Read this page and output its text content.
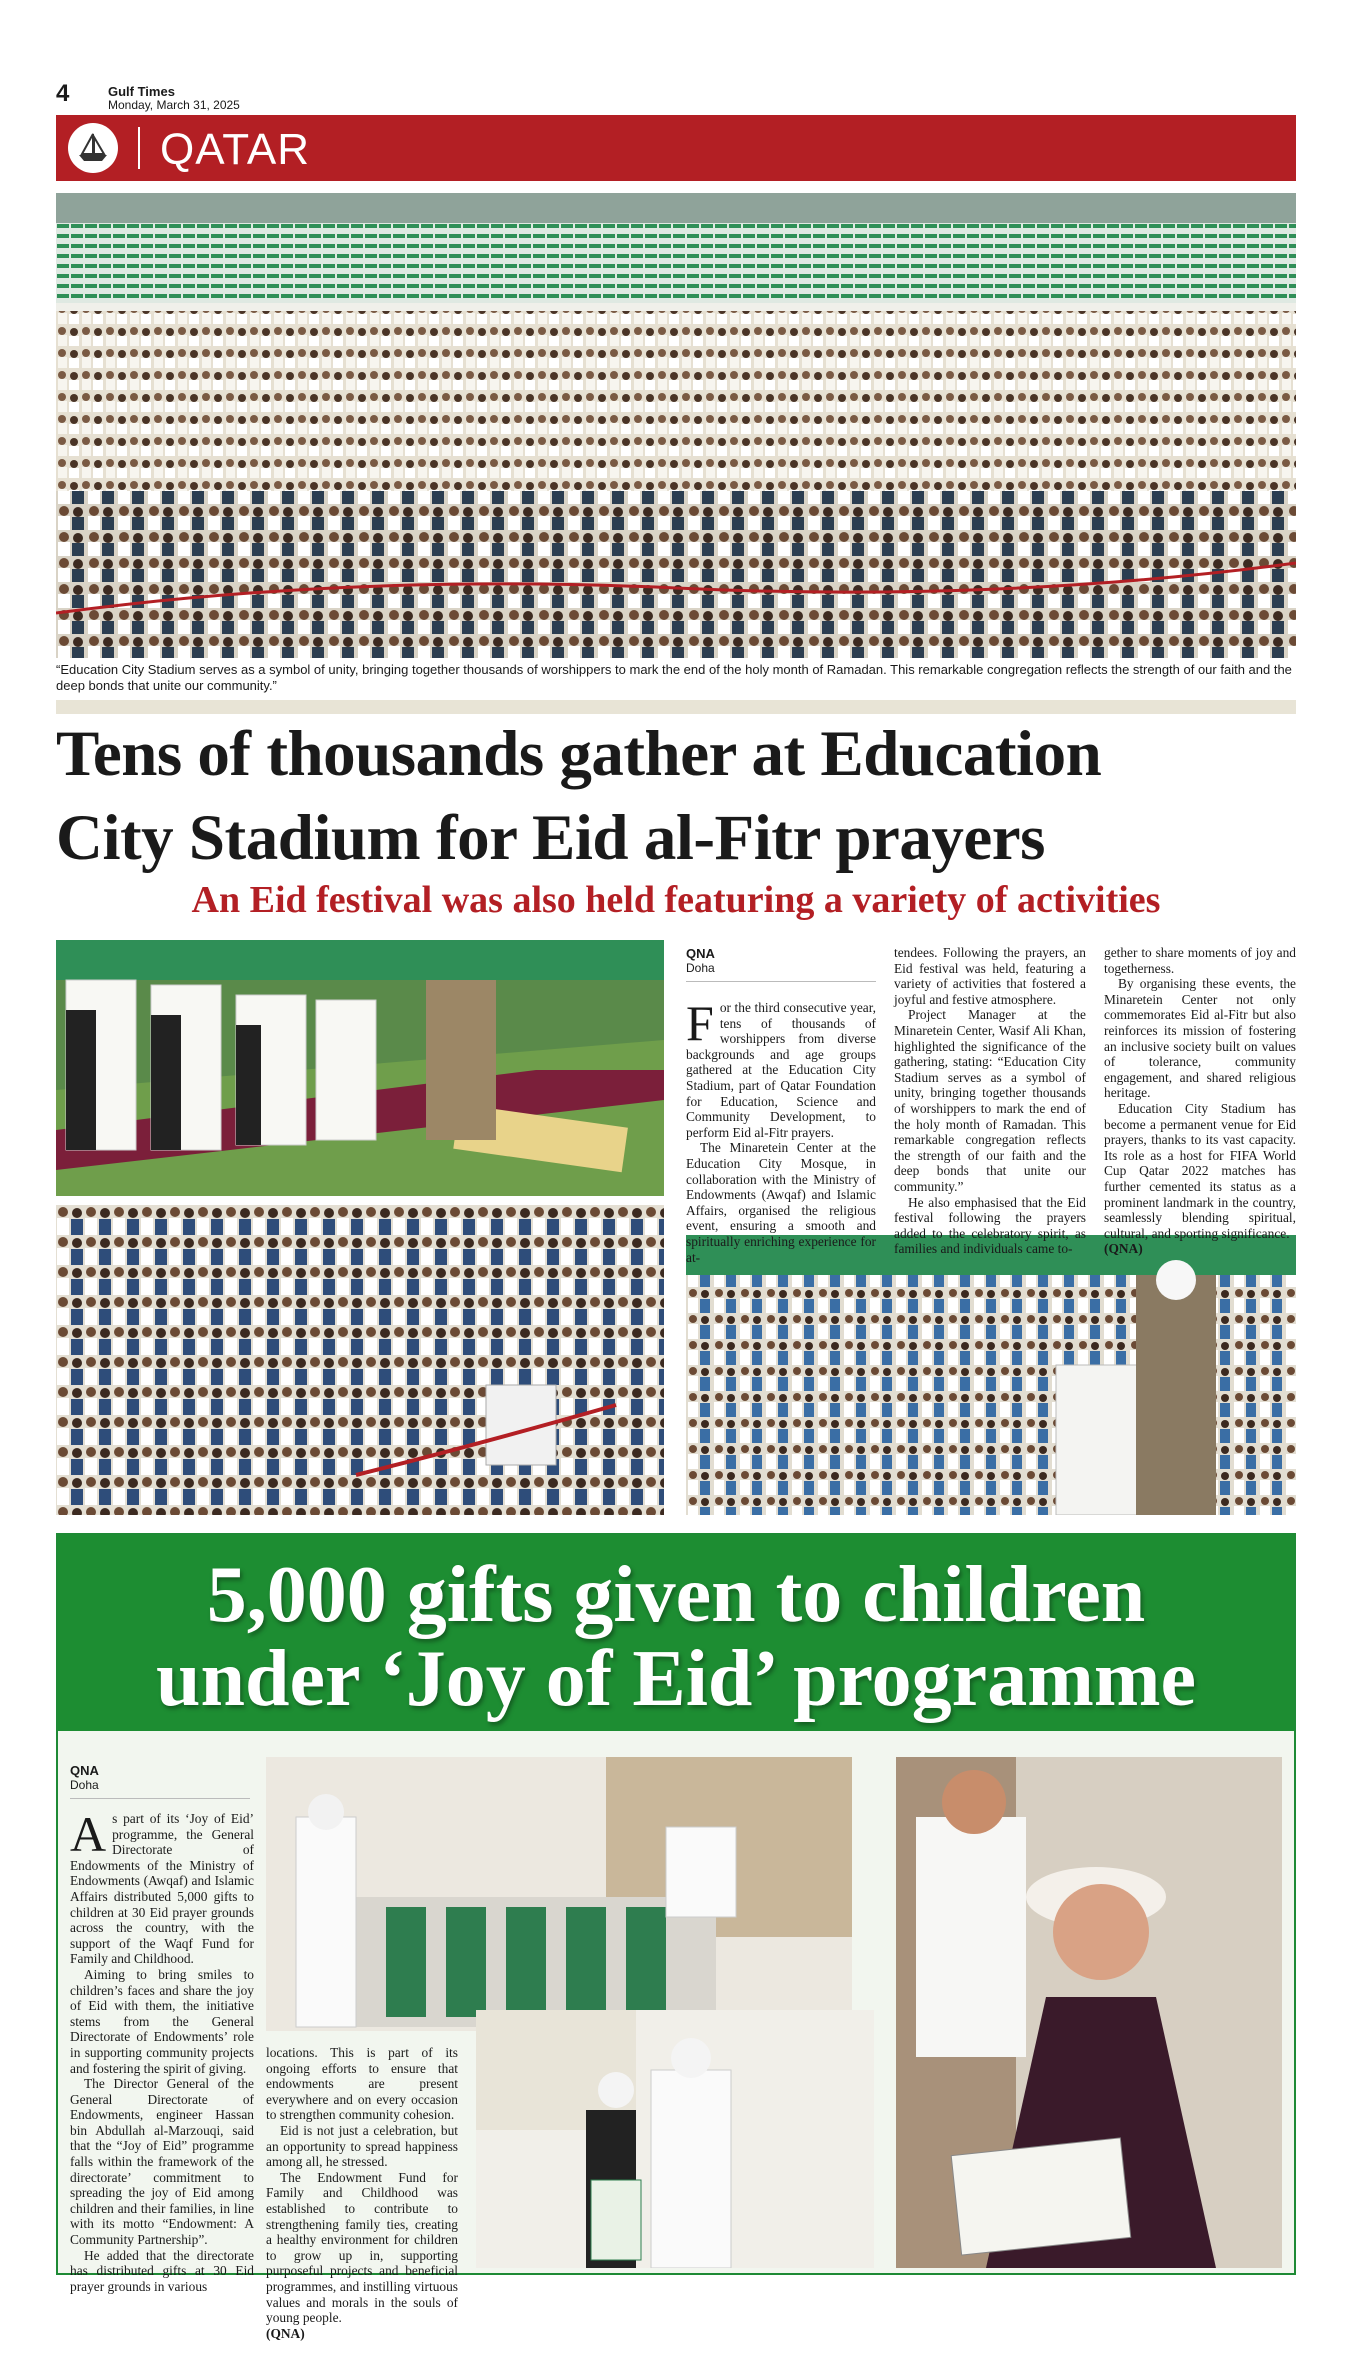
4	Gulf Times
Monday, March 31, 2025
QATAR
“Education City Stadium serves as a symbol of unity, bringing together thousands of worshippers to mark the end of the holy month of Ramadan. This remarkable congregation reflects the strength of our faith and the deep bonds that unite our community.”
Tens of thousands gather at Education
City Stadium for Eid al-Fitr prayers
An Eid festival was also held featuring a variety of activities
QNA
Doha

For the third consecutive year, tens of thousands of worshippers from diverse backgrounds and age groups gathered at the Education City Stadium, part of Qatar Foundation for Education, Science and Community Development, to perform Eid al-Fitr prayers.

The Minaretein Center at the Education City Mosque, in collaboration with the Ministry of Endowments (Awqaf) and Islamic Affairs, organised the religious event, ensuring a smooth and spiritually enriching experience for at-

tendees. Following the prayers, an Eid festival was held, featuring a variety of activities that fostered a joyful and festive atmosphere.

Project Manager at the Minaretein Center, Wasif Ali Khan, highlighted the significance of the gathering, stating: “Education City Stadium serves as a symbol of unity, bringing together thousands of worshippers to mark the end of the holy month of Ramadan. This remarkable congregation reflects the strength of our faith and the deep bonds that unite our community.”

He also emphasised that the Eid festival following the prayers added to the celebratory spirit, as families and individuals came to-

gether to share moments of joy and togetherness.

By organising these events, the Minaretein Center not only commemorates Eid al-Fitr but also reinforces its mission of fostering an inclusive society built on values of tolerance, community engagement, and shared religious heritage.

Education City Stadium has become a permanent venue for Eid prayers, thanks to its vast capacity. Its role as a host for FIFA World Cup Qatar 2022 matches has further cemented its status as a prominent landmark in the country, seamlessly blending spiritual, cultural, and sporting significance.

(QNA)

5,000 gifts given to children
under ‘Joy of Eid’ programme
QNA
Doha

As part of its ‘Joy of Eid’ programme, the General Directorate of Endowments of the Ministry of Endowments (Awqaf) and Islamic Affairs distributed 5,000 gifts to children at 30 Eid prayer grounds across the country, with the support of the Waqf Fund for Family and Childhood.

Aiming to bring smiles to children’s faces and share the joy of Eid with them, the initiative stems from the General Directorate of Endowments’ role in supporting community projects and fostering the spirit of giving.

The Director General of the General Directorate of Endowments, engineer Hassan bin Abdullah al-Marzouqi, said that the “Joy of Eid” programme falls within the framework of the directorate’ commitment to spreading the joy of Eid among children and their families, in line with its motto “Endowment: A Community Partnership”.

He added that the directorate has distributed gifts at 30 Eid prayer grounds in various

locations. This is part of its ongoing efforts to ensure that endowments are present everywhere and on every occasion to strengthen community cohesion.

Eid is not just a celebration, but an opportunity to spread happiness among all, he stressed.

The Endowment Fund for Family and Childhood was established to contribute to strengthening family ties, creating a healthy environment for children to grow up in, supporting purposeful projects and beneficial programmes, and instilling virtuous values and morals in the souls of young people.

(QNA)
